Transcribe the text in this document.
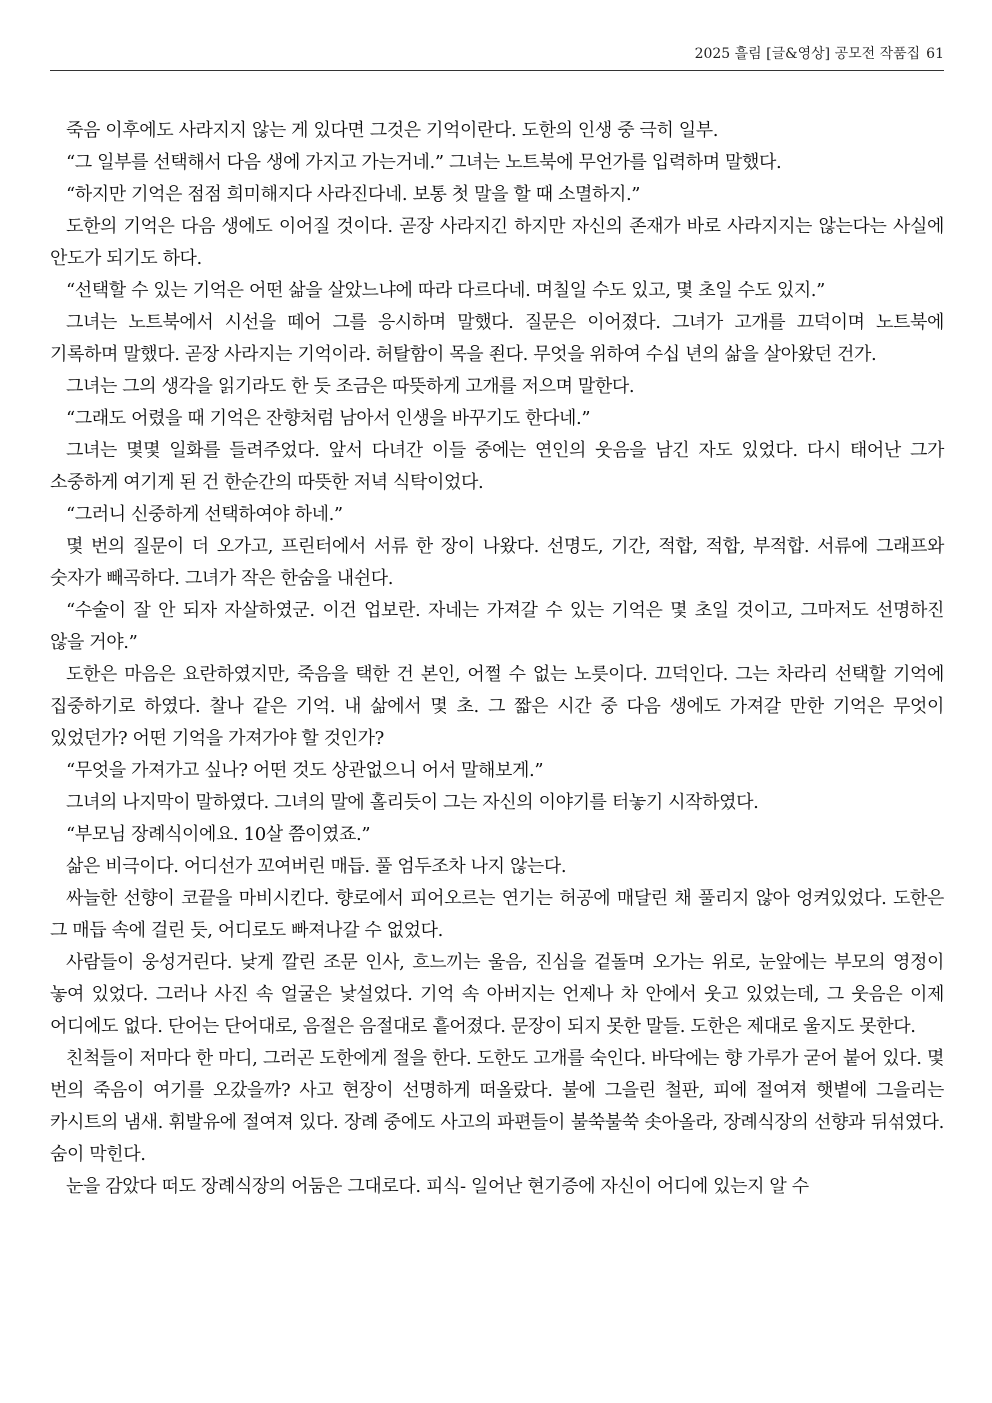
2025 흘림 [글&영상] 공모전 작품집 61

죽음 이후에도 사라지지 않는 게 있다면 그것은 기억이란다. 도한의 인생 중 극히 일부.

“그 일부를 선택해서 다음 생에 가지고 가는거네.” 그녀는 노트북에 무언가를 입력하며 말했다.

“하지만 기억은 점점 희미해지다 사라진다네. 보통 첫 말을 할 때 소멸하지.”

도한의 기억은 다음 생에도 이어질 것이다. 곧장 사라지긴 하지만 자신의 존재가 바로 사라지지는 않는다는 사실에 안도가 되기도 하다.

“선택할 수 있는 기억은 어떤 삶을 살았느냐에 따라 다르다네. 며칠일 수도 있고, 몇 초일 수도 있지.”

그녀는 노트북에서 시선을 떼어 그를 응시하며 말했다. 질문은 이어졌다. 그녀가 고개를 끄덕이며 노트북에 기록하며 말했다. 곧장 사라지는 기억이라. 허탈함이 목을 죈다. 무엇을 위하여 수십 년의 삶을 살아왔던 건가.

그녀는 그의 생각을 읽기라도 한 듯 조금은 따뜻하게 고개를 저으며 말한다.

“그래도 어렸을 때 기억은 잔향처럼 남아서 인생을 바꾸기도 한다네.”

그녀는 몇몇 일화를 들려주었다. 앞서 다녀간 이들 중에는 연인의 웃음을 남긴 자도 있었다. 다시 태어난 그가 소중하게 여기게 된 건 한순간의 따뜻한 저녁 식탁이었다.

“그러니 신중하게 선택하여야 하네.”

몇 번의 질문이 더 오가고, 프린터에서 서류 한 장이 나왔다. 선명도, 기간, 적합, 적합, 부적합. 서류에 그래프와 숫자가 빼곡하다. 그녀가 작은 한숨을 내쉰다.

“수술이 잘 안 되자 자살하였군. 이건 업보란. 자네는 가져갈 수 있는 기억은 몇 초일 것이고, 그마저도 선명하진 않을 거야.”

도한은 마음은 요란하였지만, 죽음을 택한 건 본인, 어쩔 수 없는 노릇이다. 끄덕인다. 그는 차라리 선택할 기억에 집중하기로 하였다. 찰나 같은 기억. 내 삶에서 몇 초. 그 짧은 시간 중 다음 생에도 가져갈 만한 기억은 무엇이 있었던가? 어떤 기억을 가져가야 할 것인가?

“무엇을 가져가고 싶나? 어떤 것도 상관없으니 어서 말해보게.”

그녀의 나지막이 말하였다. 그녀의 말에 홀리듯이 그는 자신의 이야기를 터놓기 시작하였다.

“부모님 장례식이에요. 10살 쯤이였죠.”

삶은 비극이다. 어디선가 꼬여버린 매듭. 풀 엄두조차 나지 않는다.

싸늘한 선향이 코끝을 마비시킨다. 향로에서 피어오르는 연기는 허공에 매달린 채 풀리지 않아 엉켜있었다. 도한은 그 매듭 속에 걸린 듯, 어디로도 빠져나갈 수 없었다.

사람들이 웅성거린다. 낮게 깔린 조문 인사, 흐느끼는 울음, 진심을 겉돌며 오가는 위로, 눈앞에는 부모의 영정이 놓여 있었다. 그러나 사진 속 얼굴은 낯설었다. 기억 속 아버지는 언제나 차 안에서 웃고 있었는데, 그 웃음은 이제 어디에도 없다. 단어는 단어대로, 음절은 음절대로 흩어졌다. 문장이 되지 못한 말들. 도한은 제대로 울지도 못한다.

친척들이 저마다 한 마디, 그러곤 도한에게 절을 한다. 도한도 고개를 숙인다. 바닥에는 향 가루가 굳어 붙어 있다. 몇 번의 죽음이 여기를 오갔을까? 사고 현장이 선명하게 떠올랐다. 불에 그을린 철판, 피에 절여져 햇볕에 그을리는 카시트의 냄새. 휘발유에 절여져 있다. 장례 중에도 사고의 파편들이 불쑥불쑥 솟아올라, 장례식장의 선향과 뒤섞였다. 숨이 막힌다.

눈을 감았다 떠도 장례식장의 어둠은 그대로다. 피식- 일어난 현기증에 자신이 어디에 있는지 알 수
